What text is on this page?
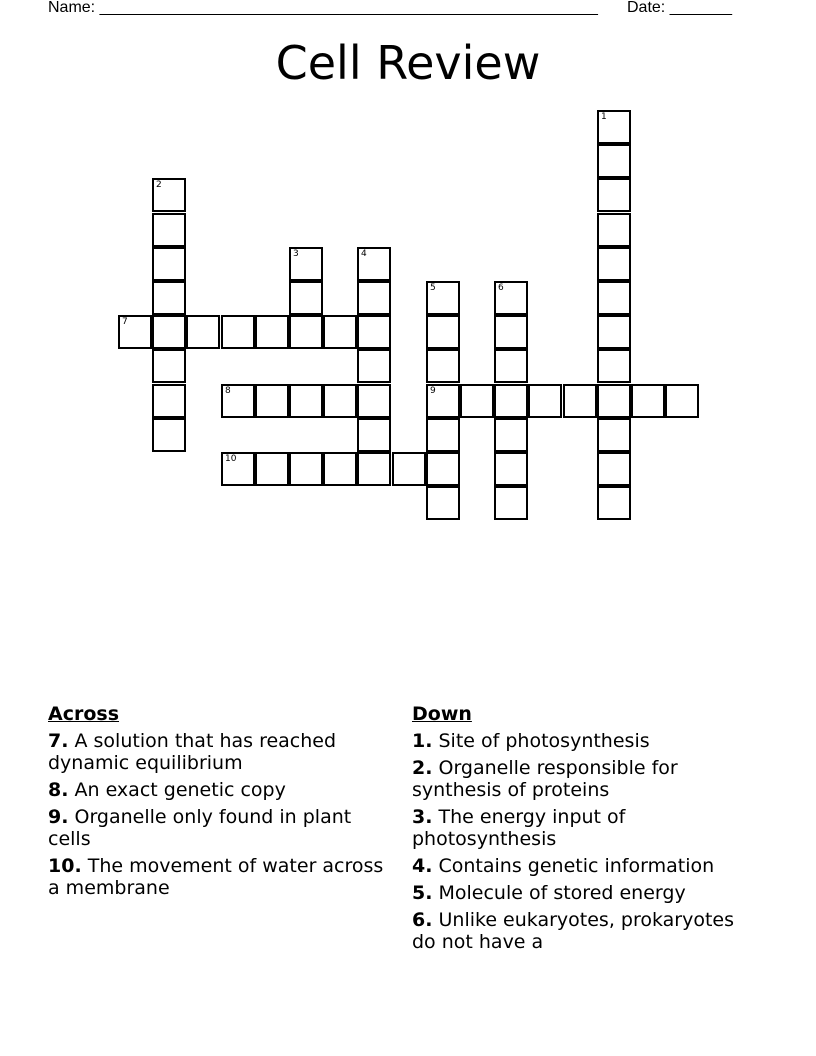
Name: ________________________________________________________ Date: _______
Cell Review
1
2
3	4
5
9
6
7
8
10
Across
7. A solution that has reached dynamic equilibrium
8. An exact genetic copy
9. Organelle only found in plant cells
10. The movement of water across a membrane
Down
1. Site of photosynthesis
2. Organelle responsible for synthesis of proteins
3. The energy input of photosynthesis
4. Contains genetic information
5. Molecule of stored energy
6. Unlike eukaryotes, prokaryotes do not have a
